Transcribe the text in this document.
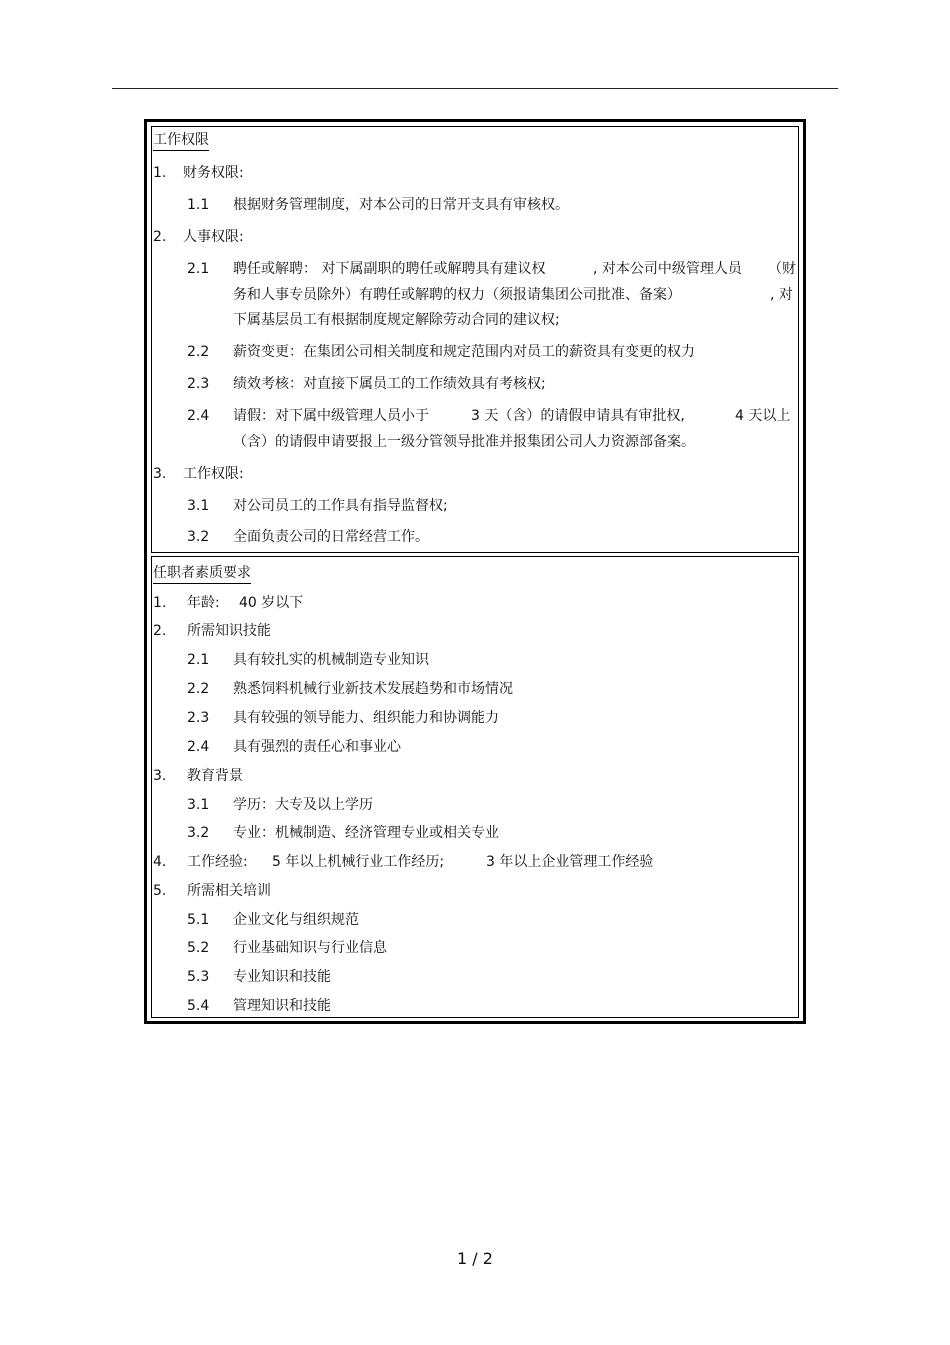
工作权限
1. 财务权限:
1.1 根据财务管理制度，对本公司的日常开支具有审核权。
2. 人事权限:
2.1 聘任或解聘： 对下属副职的聘任或解聘具有建议权	, 对本公司中级管理人员 （财
务和人事专员除外）有聘任或解聘的权力（须报请集团公司批准、备案）	, 对
下属基层员工有根据制度规定解除劳动合同的建议权;
2.2 薪资变更：在集团公司相关制度和规定范围内对员工的薪资具有变更的权力
2.3 绩效考核：对直接下属员工的工作绩效具有考核权;
2.4 请假：对下属中级管理人员小于	3 天（含）的请假申请具有审批权,	4 天以上
（含）的请假申请要报上一级分管领导批准并报集团公司人力资源部备案。
3. 工作权限:
3.1 对公司员工的工作具有指导监督权;
3.2 全面负责公司的日常经营工作。
任职者素质要求
1. 年龄: 40 岁以下
2. 所需知识技能
2.1 具有较扎实的机械制造专业知识
2.2 熟悉饲料机械行业新技术发展趋势和市场情况
2.3 具有较强的领导能力、组织能力和协调能力
2.4 具有强烈的责任心和事业心
3. 教育背景
3.1 学历：大专及以上学历
3.2 专业：机械制造、经济管理专业或相关专业
4. 工作经验: 5 年以上机械行业工作经历;	3 年以上企业管理工作经验
5. 所需相关培训
5.1 企业文化与组织规范
5.2 行业基础知识与行业信息
5.3 专业知识和技能
5.4 管理知识和技能
1 / 2
